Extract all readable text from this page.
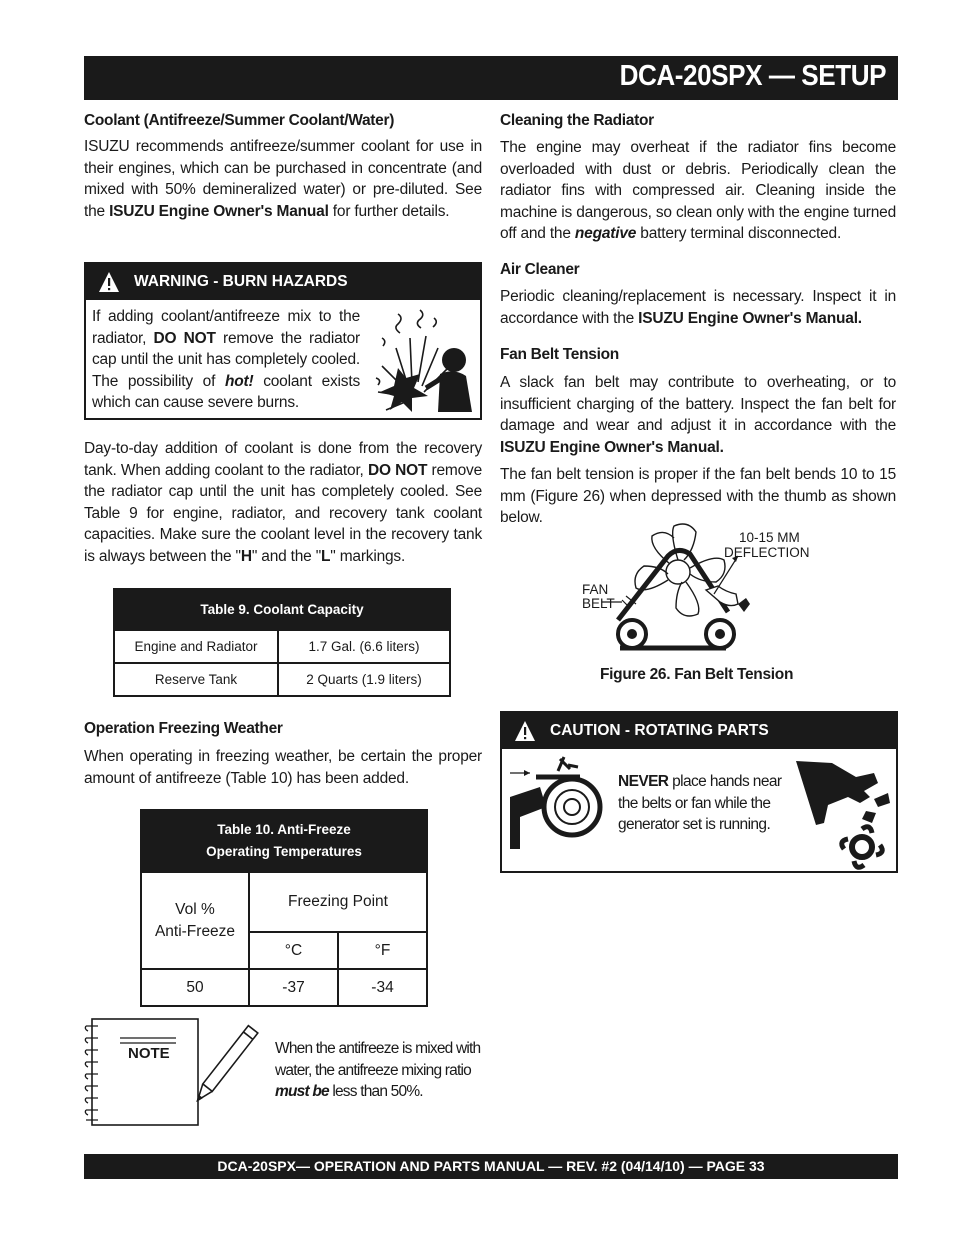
DCA-20SPX — SETUP
Coolant (Antifreeze/Summer Coolant/Water)
ISUZU recommends antifreeze/summer coolant for use in their engines, which can be purchased in concentrate (and mixed with 50% demineralized water) or pre-diluted. See the ISUZU Engine Owner's Manual for further details.
WARNING - BURN HAZARDS
If adding coolant/antifreeze mix to the radiator, DO NOT remove the radiator cap until the unit has completely cooled. The possibility of hot! coolant exists which can cause severe burns.
Day-to-day addition of coolant is done from the recovery tank. When adding coolant to the radiator, DO NOT remove the radiator cap until the unit has completely cooled. See Table 9 for engine, radiator, and recovery tank coolant capacities. Make sure the coolant level in the recovery tank is always between the "H" and the "L" markings.
Table 9. Coolant Capacity	
Engine and Radiator	1.7 Gal. (6.6 liters)
Reserve Tank	2 Quarts (1.9 liters)
Operation Freezing Weather
When operating in freezing weather, be certain the proper amount of antifreeze (Table 10) has been added.
Table 10. Anti-Freeze
Operating Temperatures		
Vol %
Anti-Freeze	Freezing Point	
	°C	°F
50	-37	-34
NOTE	When the antifreeze is mixed with water, the antifreeze mixing ratio must be less than 50%.
Cleaning the Radiator
The engine may overheat if the radiator fins become overloaded with dust or debris. Periodically clean the radiator fins with compressed air. Cleaning inside the machine is dangerous, so clean only with the engine turned off and the negative battery terminal disconnected.
Air Cleaner
Periodic cleaning/replacement is necessary. Inspect it in accordance with the ISUZU Engine Owner's Manual.
Fan Belt Tension
A slack fan belt may contribute to overheating, or to insufficient charging of the battery. Inspect the fan belt for damage and wear and adjust it in accordance with the ISUZU Engine Owner's Manual.
The fan belt tension is proper if the fan belt bends 10 to 15 mm (Figure 26) when depressed with the thumb as shown below.
10-15 MM
DEFLECTION
FAN
BELT
Figure 26. Fan Belt Tension
CAUTION - ROTATING PARTS
NEVER place hands near the belts or fan while the generator set is running.
DCA-20SPX— OPERATION AND PARTS MANUAL — REV. #2 (04/14/10) — PAGE 33
